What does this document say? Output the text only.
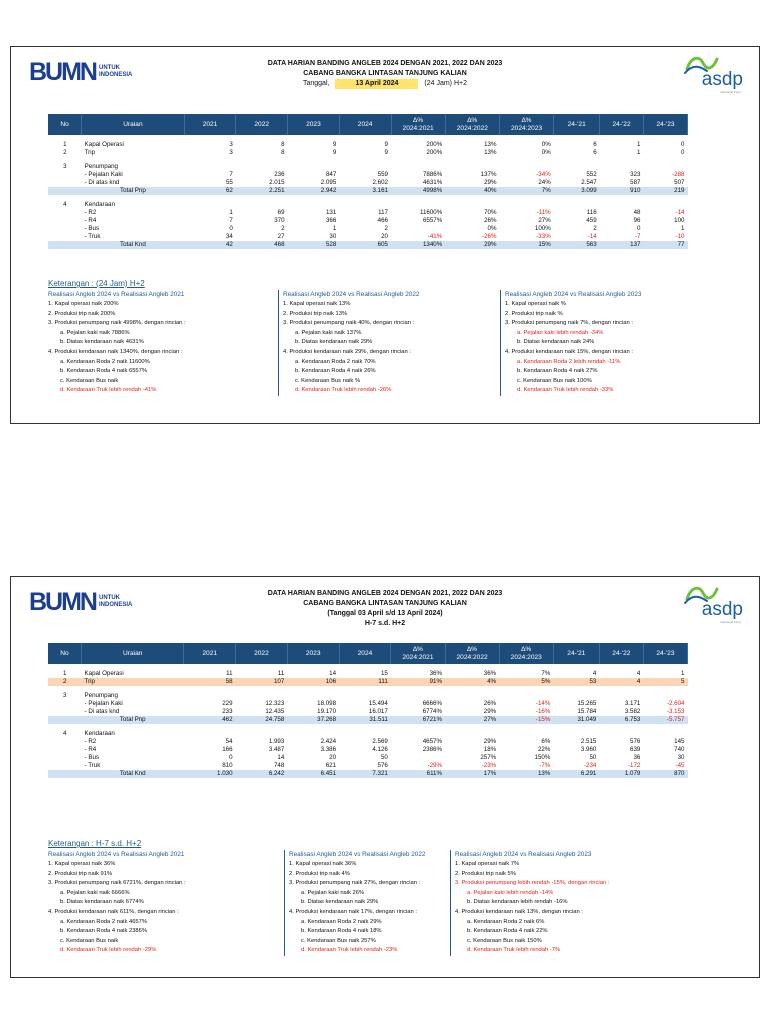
BUMN UNTUK
INDONESIA
DATA HARIAN BANDING ANGLEB 2024 DENGAN 2021, 2022 DAN 2023
CABANG BANGKA LINTASAN TANJUNG KALIAN
Tanggal,	13 April 2024	(24 Jam) H+2	asdp
Indonesia Ferry
No	Uraian	2021	2022	2023	2024	∆%
2024:2021	∆%
2024:2022	∆%
2024:2023	24-'21	24-'22	24-'23

1	Kapal Operasi	3	8	9	9	200%	13%	0%	6	1	0
2	Trip	3	8	9	9	200%	13%	0%	6	1	0

3	Penumpang										
	- Pejalan Kaki	7	236	847	559	7886%	137%	-34%	552	323	-288
	- Di atas knd	55	2.015	2.095	2.602	4631%	29%	24%	2.547	587	507
	Total Pnp	62	2.251	2.942	3.161	4998%	40%	7%	3.099	910	219

4	Kendaraan										
	- R2	1	69	131	117	11600%	70%	-11%	116	48	-14
	- R4	7	370	366	466	6557%	26%	27%	459	96	100
	- Bus	0	2	1	2		0%	100%	2	0	1
	- Truk	34	27	30	20	-41%	-26%	-33%	-14	-7	-10
	Total Knd	42	468	528	605	1340%	29%	15%	563	137	77
Keterangan : (24 Jam) H+2
Realisasi Angleb 2024 vs Realisasi Angleb 2021
1. Kapal operasi naik 200%
2. Produksi trip naik 200%
3. Produksi penumpang naik 4998%, dengan rincian :
a. Pejalan kaki naik 7886%
b. Diatas kendaraan naik 4631%
4. Produksi kendaraan naik 1340%, dengan rincian :
a. Kendaraan Roda 2 naik 11600%
b. Kendaraan Roda 4 naik 6557%
c. Kendaraan Bus naik
d. Kendaraan Truk lebih rendah -41%
Realisasi Angleb 2024 vs Realisasi Angleb 2022
1. Kapal operasi naik 13%
2. Produksi trip naik 13%
3. Produksi penumpang naik 40%, dengan rincian :
a. Pejalan kaki naik 137%
b. Diatas kendaraan naik 29%
4. Produksi kendaraan naik 29%, dengan rincian :
a. Kendaraan Roda 2 naik 70%
b. Kendaraan Roda 4 naik 26%
c. Kendaraan Bus naik %
d. Kendaraan Truk lebih rendah -26%
Realisasi Angleb 2024 vs Realisasi Angleb 2023
1. Kapal operasi naik %
2. Produksi trip naik %
3. Produksi penumpang naik 7%, dengan rincian :
a. Pejalan kaki lebih rendah -34%
b. Diatas kendaraan naik 24%
4. Produksi kendaraan naik 15%, dengan rincian :
a. Kendaraan Roda 2 lebih rendah -11%
b. Kendaraan Roda 4 naik 27%
c. Kendaraan Bus naik 100%
d. Kendaraan Truk lebih rendah -33%
BUMN UNTUK
INDONESIA
DATA HARIAN BANDING ANGLEB 2024 DENGAN 2021, 2022 DAN 2023
CABANG BANGKA LINTASAN TANJUNG KALIAN
(Tanggal 03 April s/d 13 April 2024)
H-7 s.d. H+2
asdp
Indonesia Ferry
No	Uraian	2021	2022	2023	2024	∆%
2024:2021	∆%
2024:2022	∆%
2024:2023	24-'21	24-'22	24-'23

1	Kapal Operasi	11	11	14	15	36%	36%	7%	4	4	1
2	Trip	58	107	106	111	91%	4%	5%	53	4	5

3	Penumpang										
	- Pejalan Kaki	229	12.323	18.098	15.494	6666%	26%	-14%	15.265	3.171	-2.604
	- Di atas knd	233	12.435	19.170	16.017	6774%	29%	-16%	15.784	3.582	-3.153
	Total Pnp	462	24.758	37.268	31.511	6721%	27%	-15%	31.049	6.753	-5.757

4	Kendaraan										
	- R2	54	1.993	2.424	2.569	4657%	29%	6%	2.515	576	145
	- R4	166	3.487	3.386	4.126	2386%	18%	22%	3.960	639	740
	- Bus	0	14	20	50		257%	150%	50	36	30
	- Truk	810	748	621	576	-29%	-23%	-7%	-234	-172	-45
	Total Knd	1.030	6.242	6.451	7.321	611%	17%	13%	6.291	1.079	870
Keterangan : H-7 s.d. H+2
Realisasi Angleb 2024 vs Realisasi Angleb 2021
1. Kapal operasi naik 36%
2. Produksi trip naik 91%
3. Produksi penumpang naik 6721%, dengan rincian :
a. Pejalan kaki naik 6666%
b. Diatas kendaraan naik 6774%
4. Produksi kendaraan naik 611%, dengan rincian :
a. Kendaraan Roda 2 naik 4657%
b. Kendaraan Roda 4 naik 2386%
c. Kendaraan Bus naik
d. Kendaraan Truk lebih rendah -29%
Realisasi Angleb 2024 vs Realisasi Angleb 2022
1. Kapal operasi naik 36%
2. Produksi trip naik 4%
3. Produksi penumpang naik 27%, dengan rincian :
a. Pejalan kaki naik 26%
b. Diatas kendaraan naik 29%
4. Produksi kendaraan naik 17%, dengan rincian :
a. Kendaraan Roda 2 naik 29%
b. Kendaraan Roda 4 naik 18%
c. Kendaraan Bus naik 257%
d. Kendaraan Truk lebih rendah -23%
Realisasi Angleb 2024 vs Realisasi Angleb 2023
1. Kapal operasi naik 7%
2. Produksi trip naik 5%
3. Produksi penumpang lebih rendah -15%, dengan rincian :
a. Pejalan kaki lebih rendah -14%
b. Diatas kendaraan lebih rendah -16%
4. Produksi kendaraan naik 13%, dengan rincian :
a. Kendaraan Roda 2 naik 6%
b. Kendaraan Roda 4 naik 22%
c. Kendaraan Bus naik 150%
d. Kendaraan Truk lebih rendah -7%
